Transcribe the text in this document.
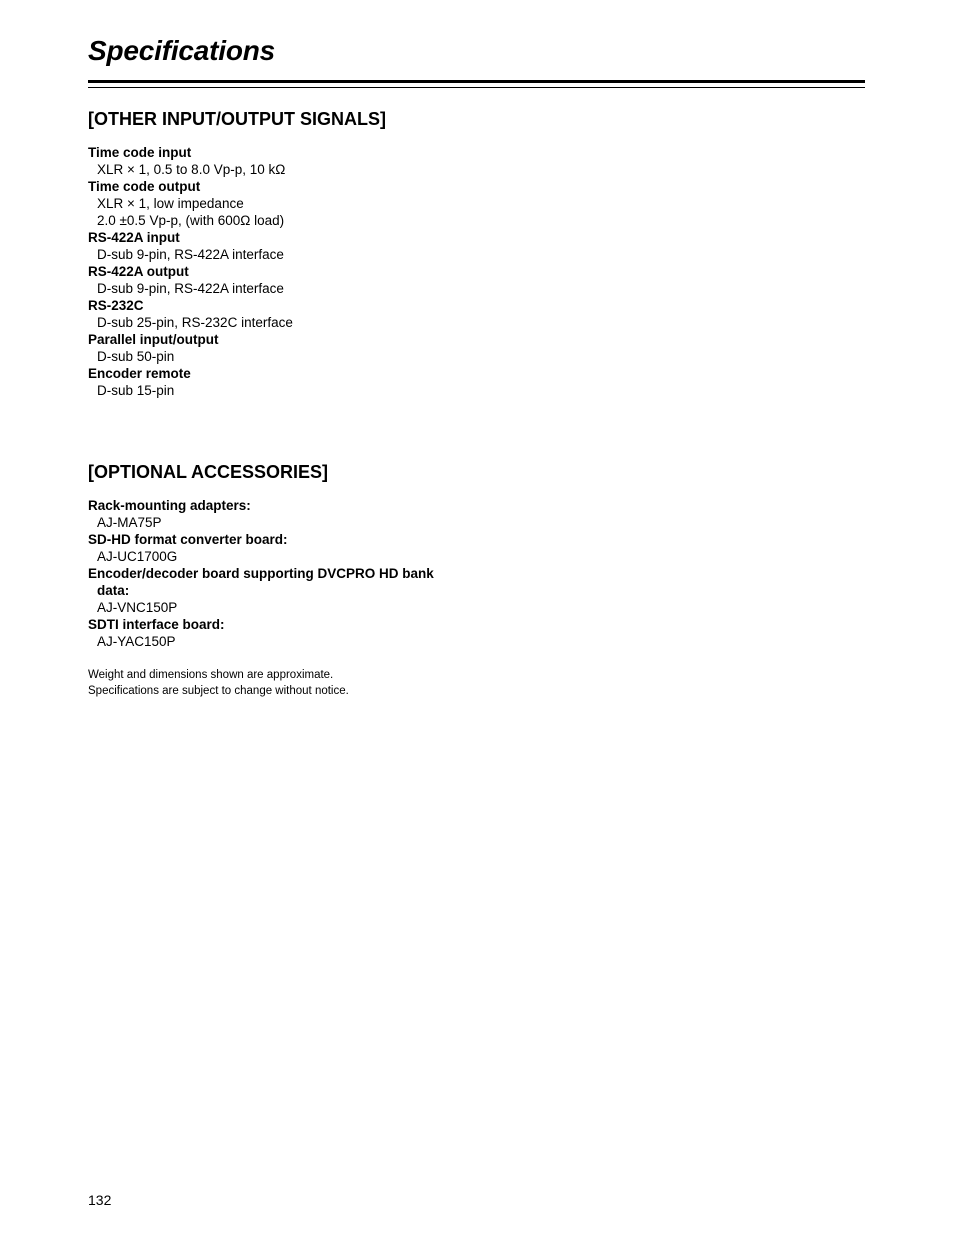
Specifications
[OTHER INPUT/OUTPUT SIGNALS]
Time code input
XLR × 1, 0.5 to 8.0 Vp-p, 10 kΩ
Time code output
XLR × 1, low impedance
2.0 ±0.5 Vp-p, (with 600Ω load)
RS-422A input
D-sub 9-pin, RS-422A interface
RS-422A output
D-sub 9-pin, RS-422A interface
RS-232C
D-sub 25-pin, RS-232C interface
Parallel input/output
D-sub 50-pin
Encoder remote
D-sub 15-pin
[OPTIONAL ACCESSORIES]
Rack-mounting adapters:
AJ-MA75P
SD-HD format converter board:
AJ-UC1700G
Encoder/decoder board supporting DVCPRO HD bank
data:
AJ-VNC150P
SDTI interface board:
AJ-YAC150P
Weight and dimensions shown are approximate.
Specifications are subject to change without notice.
132
